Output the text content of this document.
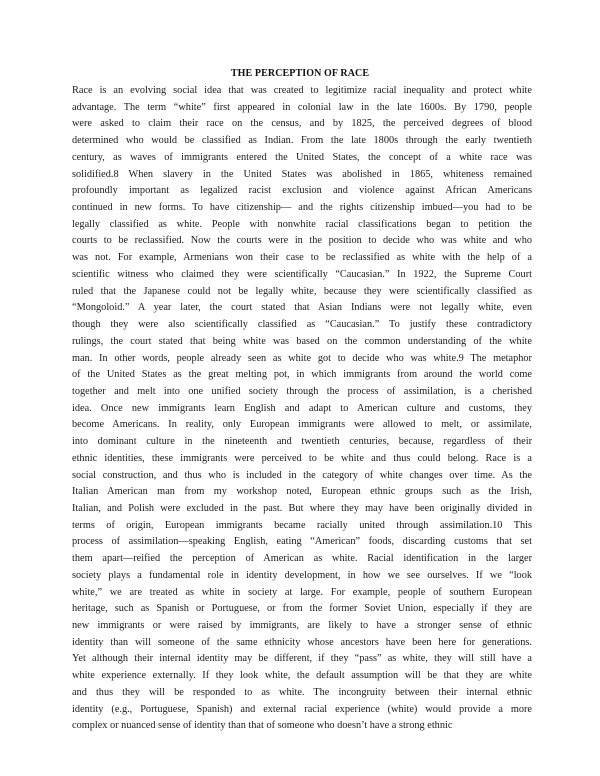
THE PERCEPTION OF RACE
Race is an evolving social idea that was created to legitimize racial inequality and protect white
advantage. The term “white” first appeared in colonial law in the late 1600s. By 1790, people
were asked to claim their race on the census, and by 1825, the perceived degrees of blood
determined who would be classified as Indian. From the late 1800s through the early twentieth
century, as waves of immigrants entered the United States, the concept of a white race was
solidified.8 When slavery in the United States was abolished in 1865, whiteness remained
profoundly important as legalized racist exclusion and violence against African Americans
continued in new forms. To have citizenship— and the rights citizenship imbued—you had to be
legally classified as white. People with nonwhite racial classifications began to petition the
courts to be reclassified. Now the courts were in the position to decide who was white and who
was not. For example, Armenians won their case to be reclassified as white with the help of a
scientific witness who claimed they were scientifically “Caucasian.” In 1922, the Supreme Court
ruled that the Japanese could not be legally white, because they were scientifically classified as
“Mongoloid.” A year later, the court stated that Asian Indians were not legally white, even
though they were also scientifically classified as “Caucasian.” To justify these contradictory
rulings, the court stated that being white was based on the common understanding of the white
man. In other words, people already seen as white got to decide who was white.9 The metaphor
of the United States as the great melting pot, in which immigrants from around the world come
together and melt into one unified society through the process of assimilation, is a cherished
idea. Once new immigrants learn English and adapt to American culture and customs, they
become Americans. In reality, only European immigrants were allowed to melt, or assimilate,
into dominant culture in the nineteenth and twentieth centuries, because, regardless of their
ethnic identities, these immigrants were perceived to be white and thus could belong. Race is a
social construction, and thus who is included in the category of white changes over time. As the
Italian American man from my workshop noted, European ethnic groups such as the Irish,
Italian, and Polish were excluded in the past. But where they may have been originally divided in
terms of origin, European immigrants became racially united through assimilation.10 This
process of assimilation—speaking English, eating “American” foods, discarding customs that set
them apart—reified the perception of American as white. Racial identification in the larger
society plays a fundamental role in identity development, in how we see ourselves. If we “look
white,” we are treated as white in society at large. For example, people of southern European
heritage, such as Spanish or Portuguese, or from the former Soviet Union, especially if they are
new immigrants or were raised by immigrants, are likely to have a stronger sense of ethnic
identity than will someone of the same ethnicity whose ancestors have been here for generations.
Yet although their internal identity may be different, if they “pass” as white, they will still have a
white experience externally. If they look white, the default assumption will be that they are white
and thus they will be responded to as white. The incongruity between their internal ethnic
identity (e.g., Portuguese, Spanish) and external racial experience (white) would provide a more
complex or nuanced sense of identity than that of someone who doesn’t have a strong ethnic
